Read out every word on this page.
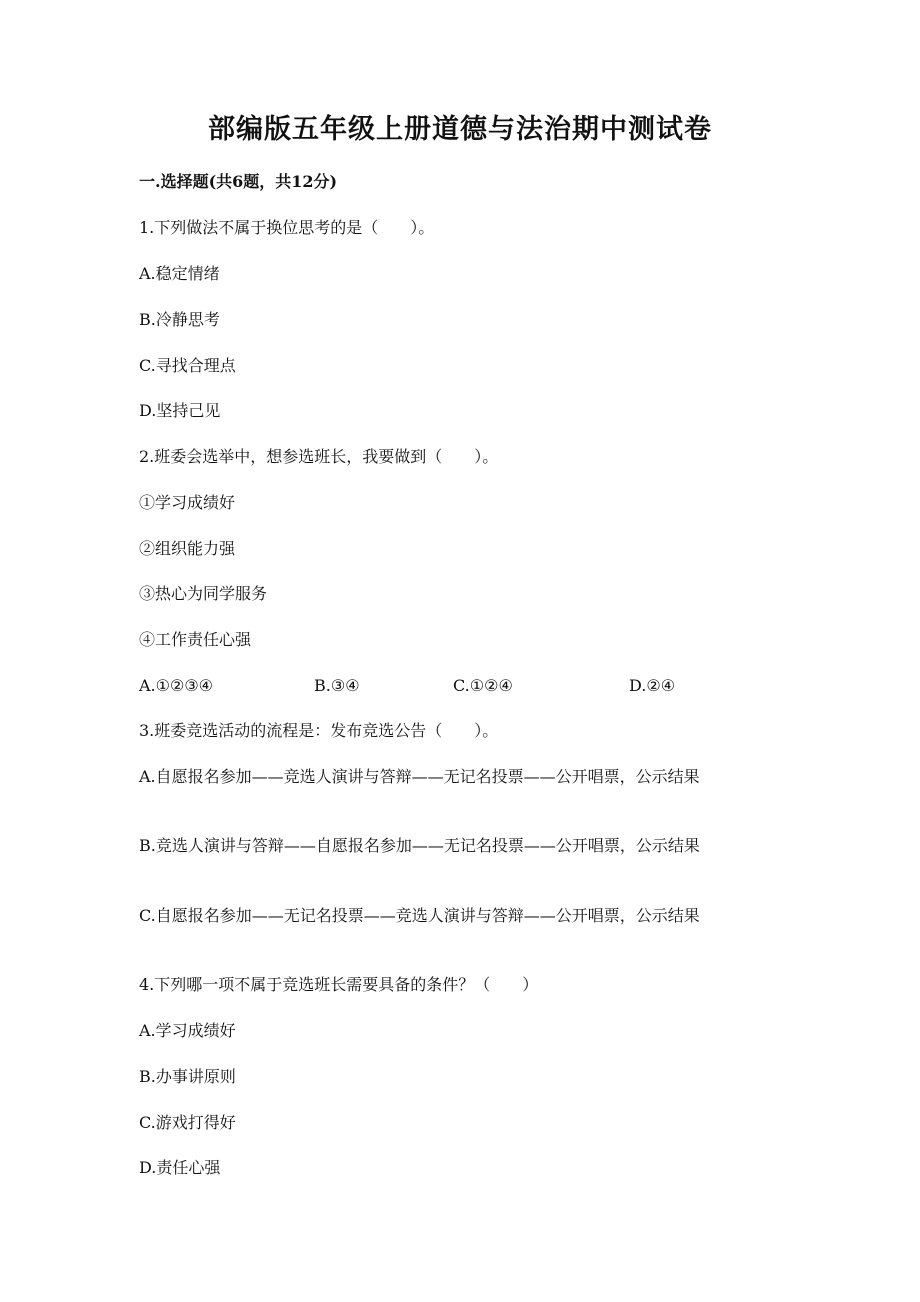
部编版五年级上册道德与法治期中测试卷
一.选择题(共6题，共12分)
1.下列做法不属于换位思考的是（　　）。
A.稳定情绪
B.冷静思考
C.寻找合理点
D.坚持己见
2.班委会选举中，想参选班长，我要做到（　　）。
①学习成绩好
②组织能力强
③热心为同学服务
④工作责任心强
A.①②③④	B.③④	C.①②④	D.②④
3.班委竞选活动的流程是：发布竞选公告（　　）。
A.自愿报名参加——竞选人演讲与答辩——无记名投票——公开唱票，公示结果
B.竞选人演讲与答辩——自愿报名参加——无记名投票——公开唱票，公示结果
C.自愿报名参加——无记名投票——竞选人演讲与答辩——公开唱票，公示结果
4.下列哪一项不属于竞选班长需要具备的条件？（　　）
A.学习成绩好
B.办事讲原则
C.游戏打得好
D.责任心强
